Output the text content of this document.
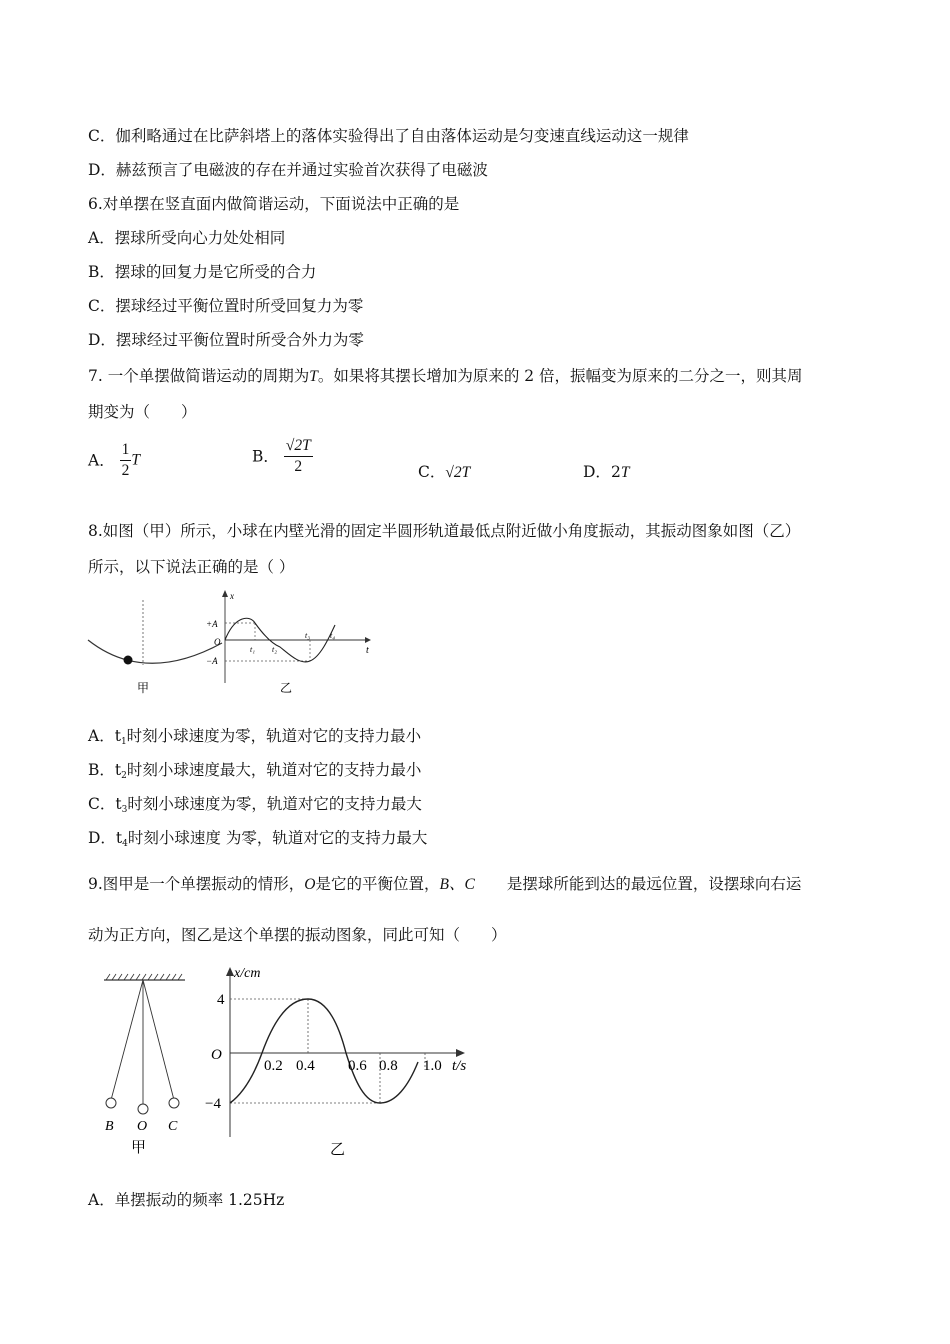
C．伽利略通过在比萨斜塔上的落体实验得出了自由落体运动是匀变速直线运动这一规律
D．赫兹预言了电磁波的存在并通过实验首次获得了电磁波
6.对单摆在竖直面内做简谐运动，下面说法中正确的是
A．摆球所受向心力处处相同
B．摆球的回复力是它所受的合力
C．摆球经过平衡位置时所受回复力为零
D．摆球经过平衡位置时所受合外力为零
7. 一个单摆做简谐运动的周期为T。如果将其摆长增加为原来的 2 倍，振幅变为原来的二分之一，则其周
期变为（　　）
A． $\frac{1}{2}$ T	B． $\frac{√2T}{2}$	C．√2T	D．2T
8.如图（甲）所示，小球在内壁光滑的固定半圆形轨道最低点附近做小角度振动，其振动图象如图（乙）
所示，以下说法正确的是（ ）
甲
x
t
+A
O
−A
t₁ t₂
t₃ t₄
乙
A．$t_1$时刻小球速度为零，轨道对它的支持力最小
B．$t_2$时刻小球速度最大，轨道对它的支持力最小
C．$t_3$时刻小球速度为零，轨道对它的支持力最大
D．$t_4$时刻小球速度 为零，轨道对它的支持力最大
9.图甲是一个单摆振动的情形，O是它的平衡位置，B、C 是摆球所能到达的最远位置，设摆球向右运
动为正方向，图乙是这个单摆的振动图象，同此可知（　　）
B O C
甲
x/cm
t/s
4
O
−4
0.2 0.4 0.6 0.8 1.0
乙
A．单摆振动的频率 1.25Hz
